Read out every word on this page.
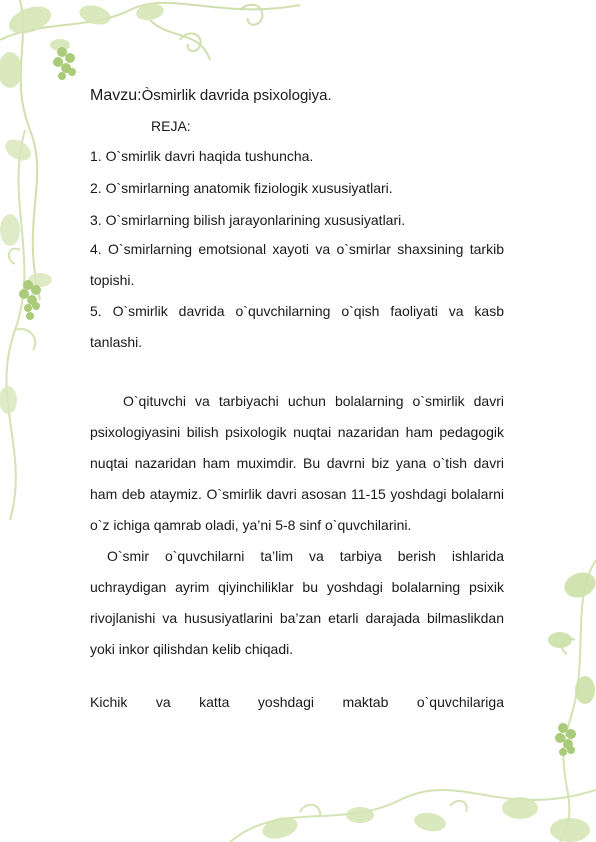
Mavzu:Òsmirlik davrida psixologiya.
REJA:
1. O`smirlik davri haqida tushuncha.
2. O`smirlarning anatomik fiziologik xususiyatlari.
3. O`smirlarning bilish jarayonlarining xususiyatlari.
4. O`smirlarning emotsional xayoti va o`smirlar shaxsining tarkib topishi.
5. O`smirlik davrida o`quvchilarning o`qish faoliyati va kasb tanlashi.
O`qituvchi va tarbiyachi uchun bolalarning o`smirlik davri psixologiyasini bilish psixologik nuqtai nazaridan ham pedagogik nuqtai nazaridan ham muximdir. Bu davrni biz yana o`tish davri ham deb ataymiz. O`smirlik davri asosan 11-15 yoshdagi bolalarni o`z ichiga qamrab oladi, ya’ni 5-8 sinf o`quvchilarini.
O`smir o`quvchilarni ta’lim va tarbiya berish ishlarida uchraydigan ayrim qiyinchiliklar bu yoshdagi bolalarning psixik rivojlanishi va hususiyatlarini ba’zan etarli darajada bilmaslikdan yoki inkor qilishdan kelib chiqadi.
Kichik va katta yoshdagi maktab o`quvchilariga
